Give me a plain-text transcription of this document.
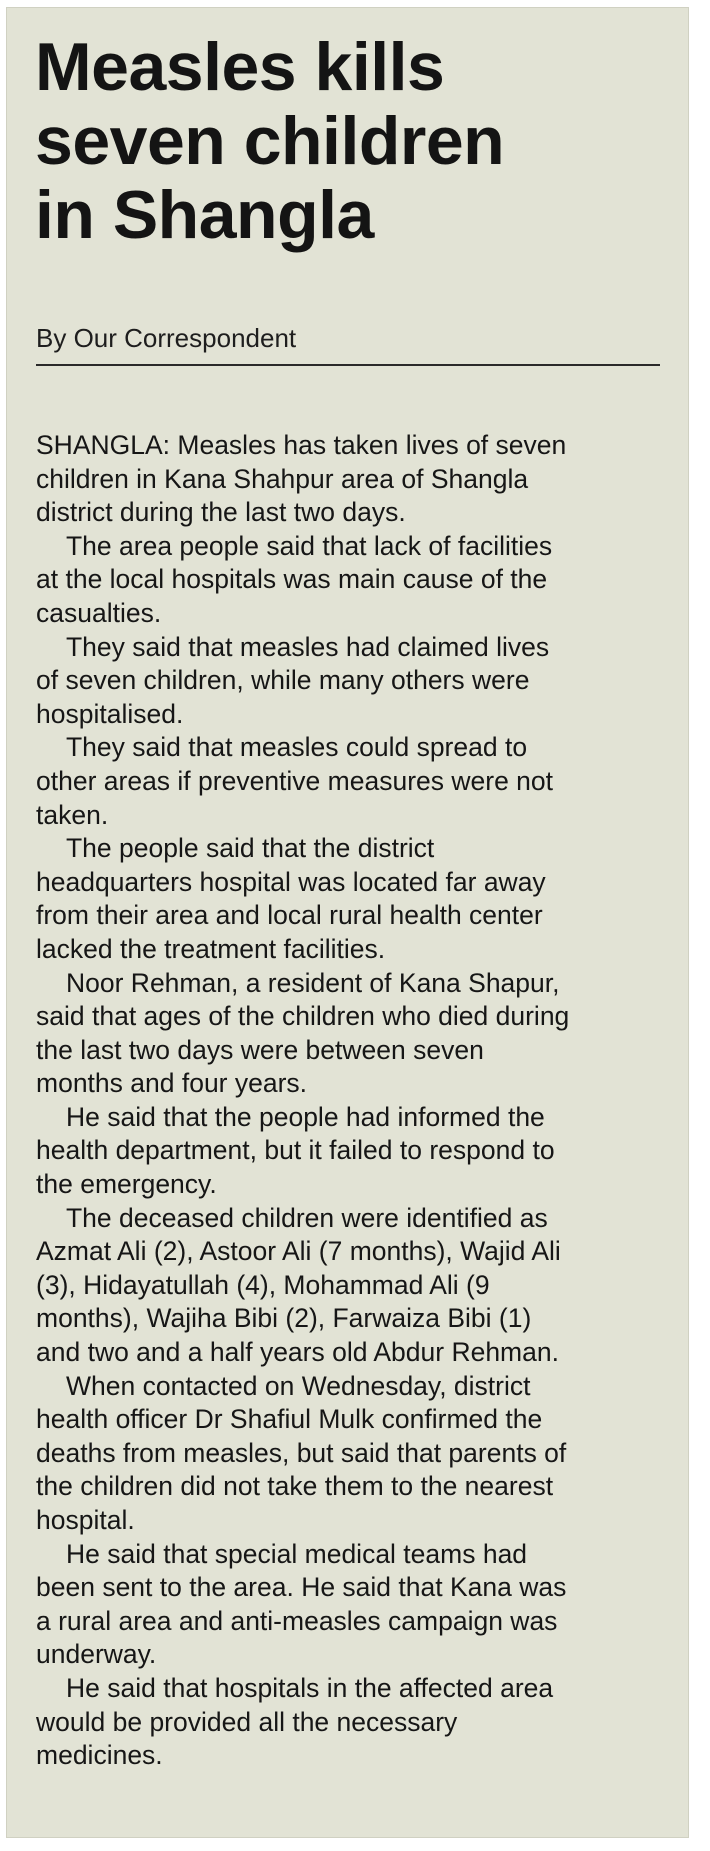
Measles kills
seven children
in Shangla
By Our Correspondent
SHANGLA: Measles has taken lives of seven
children in Kana Shahpur area of Shangla
district during the last two days.
The area people said that lack of facilities
at the local hospitals was main cause of the
casualties.
They said that measles had claimed lives
of seven children, while many others were
hospitalised.
They said that measles could spread to
other areas if preventive measures were not
taken.
The people said that the district
headquarters hospital was located far away
from their area and local rural health center
lacked the treatment facilities.
Noor Rehman, a resident of Kana Shapur,
said that ages of the children who died during
the last two days were between seven
months and four years.
He said that the people had informed the
health department, but it failed to respond to
the emergency.
The deceased children were identified as
Azmat Ali (2), Astoor Ali (7 months), Wajid Ali
(3), Hidayatullah (4), Mohammad Ali (9
months), Wajiha Bibi (2), Farwaiza Bibi (1)
and two and a half years old Abdur Rehman.
When contacted on Wednesday, district
health officer Dr Shafiul Mulk confirmed the
deaths from measles, but said that parents of
the children did not take them to the nearest
hospital.
He said that special medical teams had
been sent to the area. He said that Kana was
a rural area and anti-measles campaign was
underway.
He said that hospitals in the affected area
would be provided all the necessary
medicines.
